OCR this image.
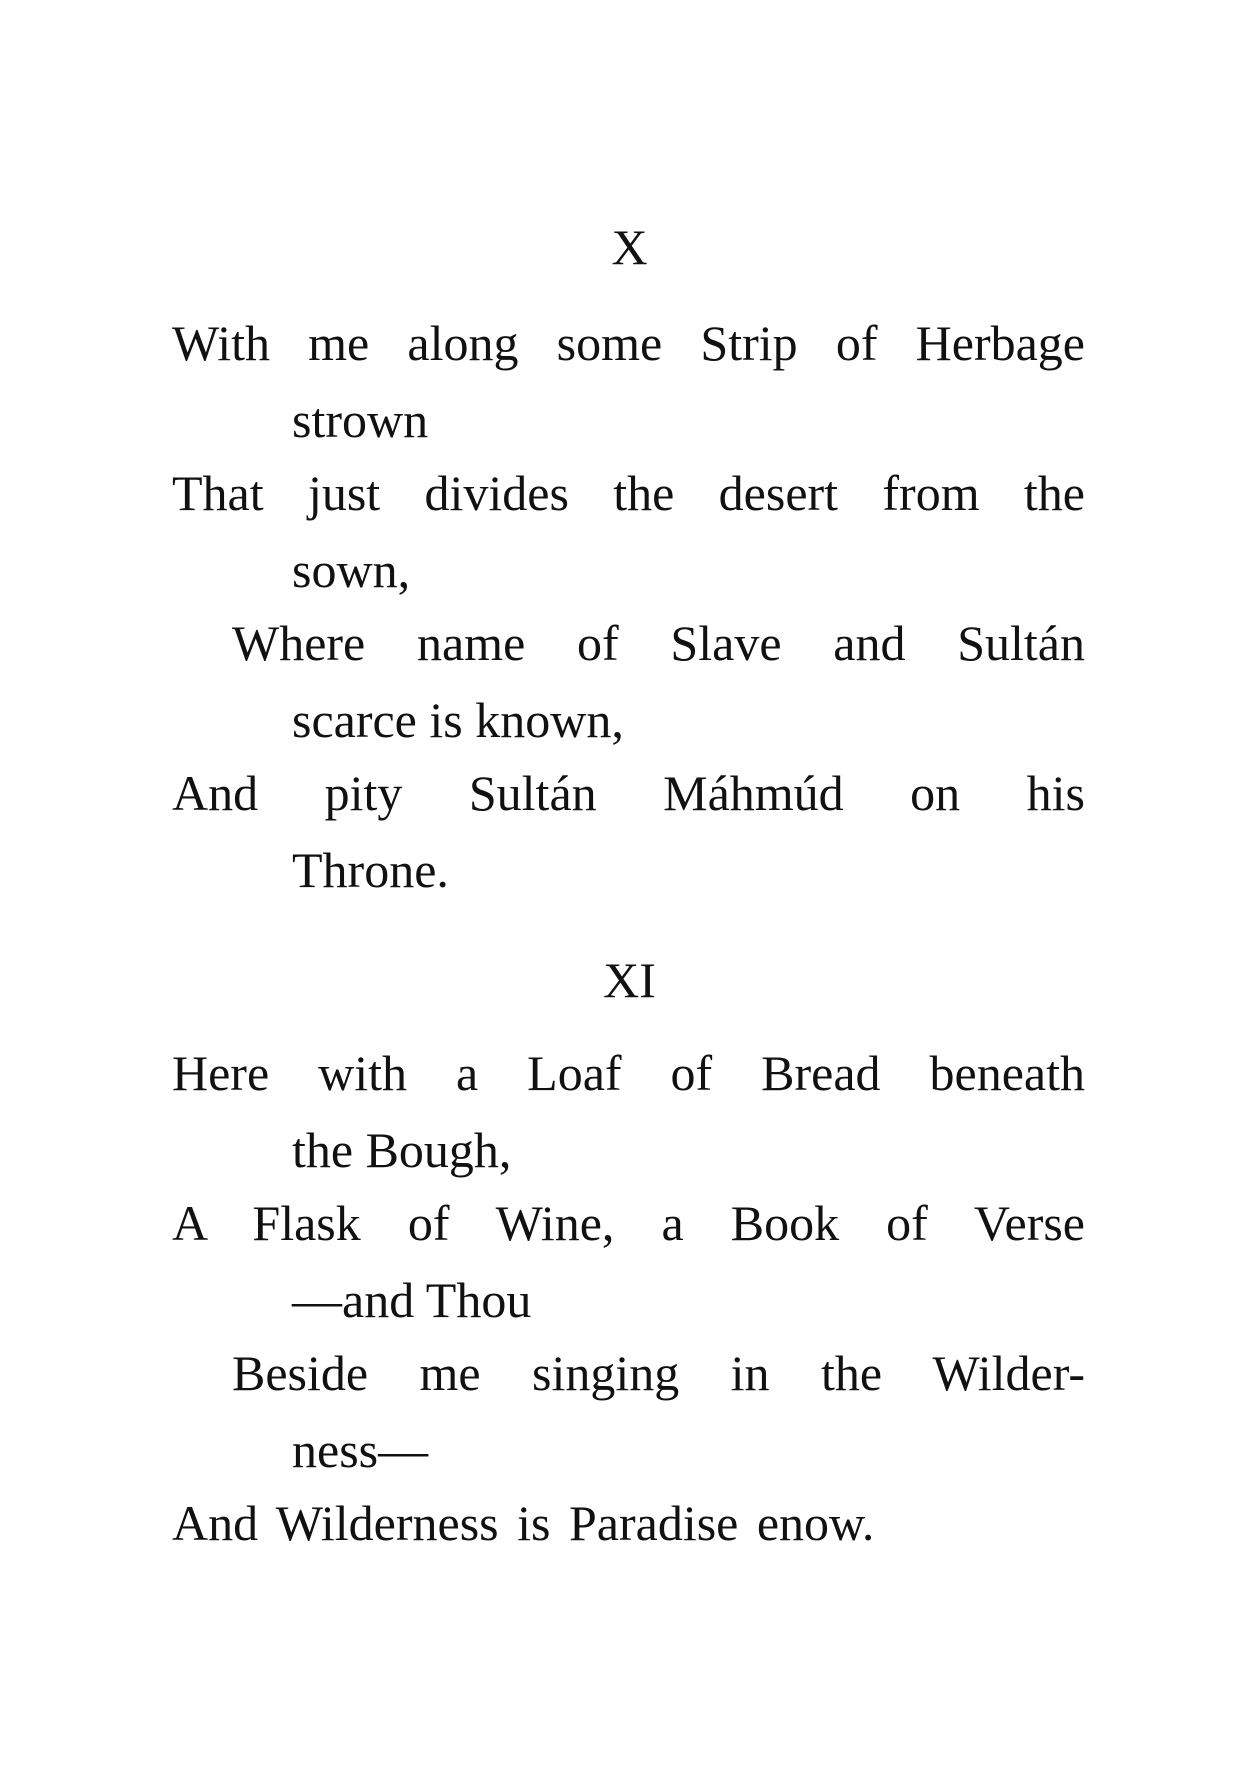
X
With me along some Strip of Herbage
strown
That just divides the desert from the
sown,
Where name of Slave and Sultán
scarce is known,
And pity Sultán Máhmúd on his
Throne.
XI
Here with a Loaf of Bread beneath
the Bough,
A Flask of Wine, a Book of Verse
—and Thou
Beside me singing in the Wilder-
ness—
And Wilderness is Paradise enow.
